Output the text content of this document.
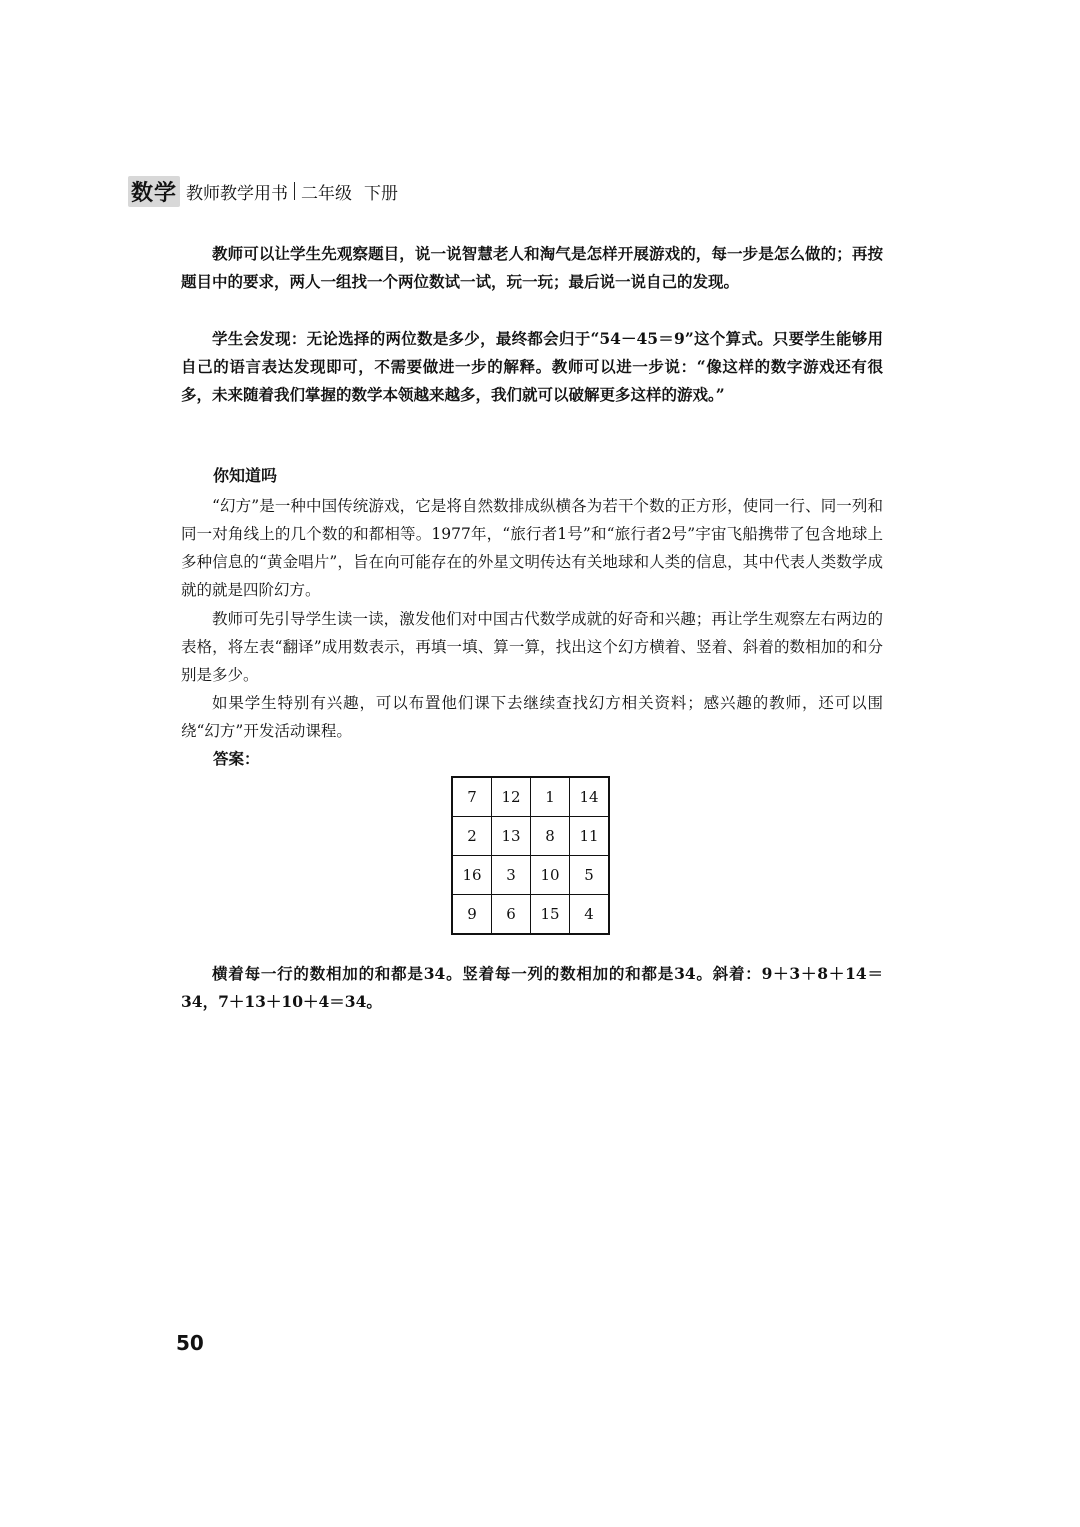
数学 教师教学用书 二年级 下册

教师可以让学生先观察题目，说一说智慧老人和淘气是怎样开展游戏的，每一步是怎么做的；再按题目中的要求，两人一组找一个两位数试一试，玩一玩；最后说一说自己的发现。

学生会发现：无论选择的两位数是多少，最终都会归于“54－45＝9”这个算式。只要学生能够用自己的语言表达发现即可，不需要做进一步的解释。教师可以进一步说：“像这样的数字游戏还有很多，未来随着我们掌握的数学本领越来越多，我们就可以破解更多这样的游戏。”

你知道吗

“幻方”是一种中国传统游戏，它是将自然数排成纵横各为若干个数的正方形，使同一行、同一列和同一对角线上的几个数的和都相等。1977年，“旅行者1号”和“旅行者2号”宇宙飞船携带了包含地球上多种信息的“黄金唱片”，旨在向可能存在的外星文明传达有关地球和人类的信息，其中代表人类数学成就的就是四阶幻方。

教师可先引导学生读一读，激发他们对中国古代数学成就的好奇和兴趣；再让学生观察左右两边的表格，将左表“翻译”成用数表示，再填一填、算一算，找出这个幻方横着、竖着、斜着的数相加的和分别是多少。

如果学生特别有兴趣，可以布置他们课下去继续查找幻方相关资料；感兴趣的教师，还可以围绕“幻方”开发活动课程。

答案：
7	12	1	14
2	13	8	11
16	3	10	5
9	6	15	4

横着每一行的数相加的和都是34。竖着每一列的数相加的和都是34。斜着：9＋3＋8＋14＝34，7＋13＋10＋4＝34。

50
